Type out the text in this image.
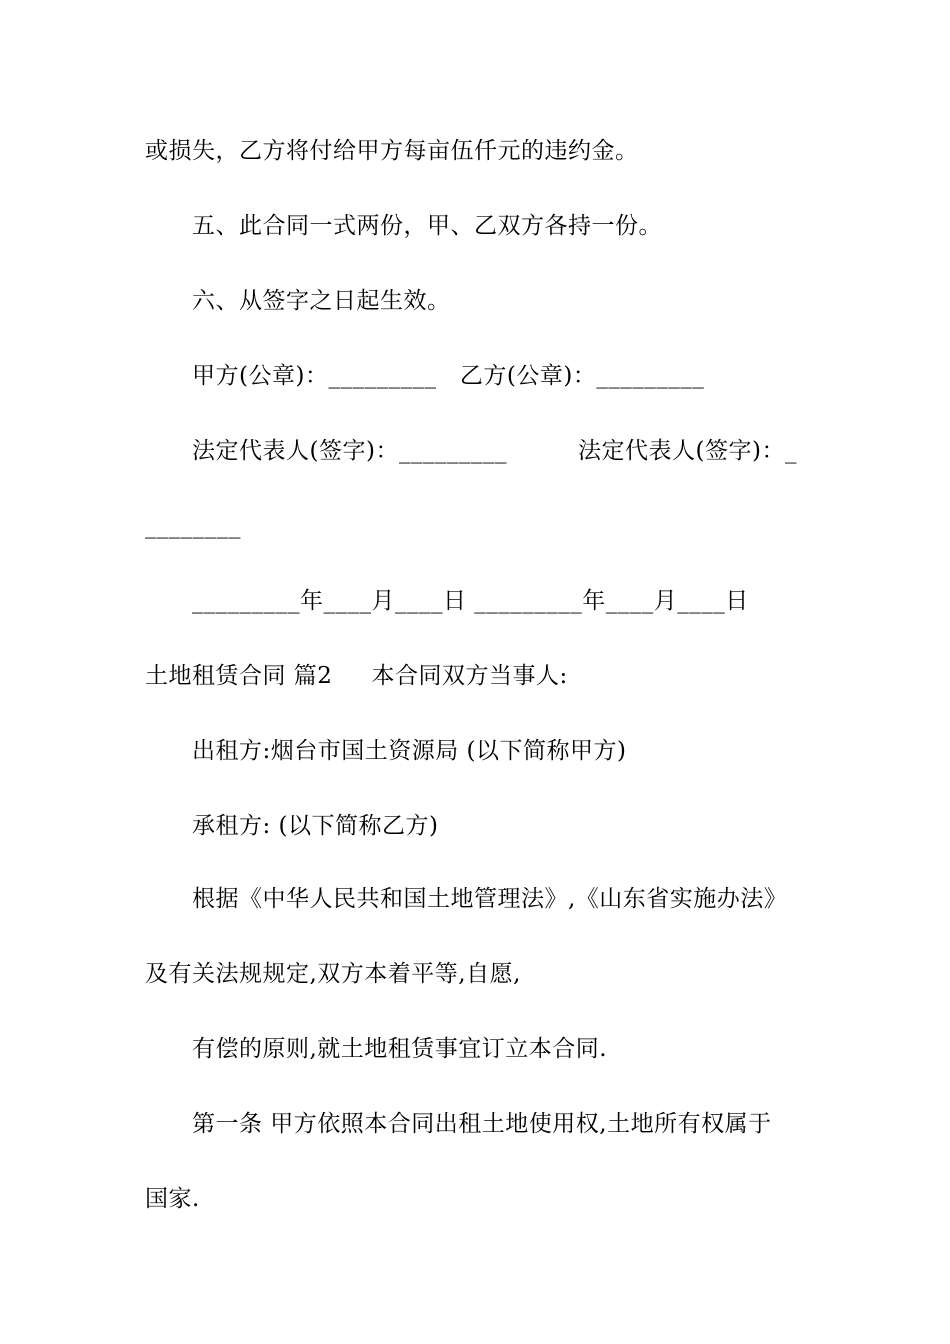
或损失，乙方将付给甲方每亩伍仟元的违约金。
五、此合同一式两份，甲、乙双方各持一份。
六、从签字之日起生效。
甲方(公章)：_________   乙方(公章)：_________
法定代表人(签字)：_________	法定代表人(签字)：_
________
_________年____月____日 _________年____月____日
土地租赁合同 篇2     本合同双方当事人:
出租方:烟台市国土资源局 (以下简称甲方)
承租方: (以下简称乙方)
根据《中华人民共和国土地管理法》,《山东省实施办法》
及有关法规规定,双方本着平等,自愿,
有偿的原则,就土地租赁事宜订立本合同.
第一条 甲方依照本合同出租土地使用权,土地所有权属于
国家.
